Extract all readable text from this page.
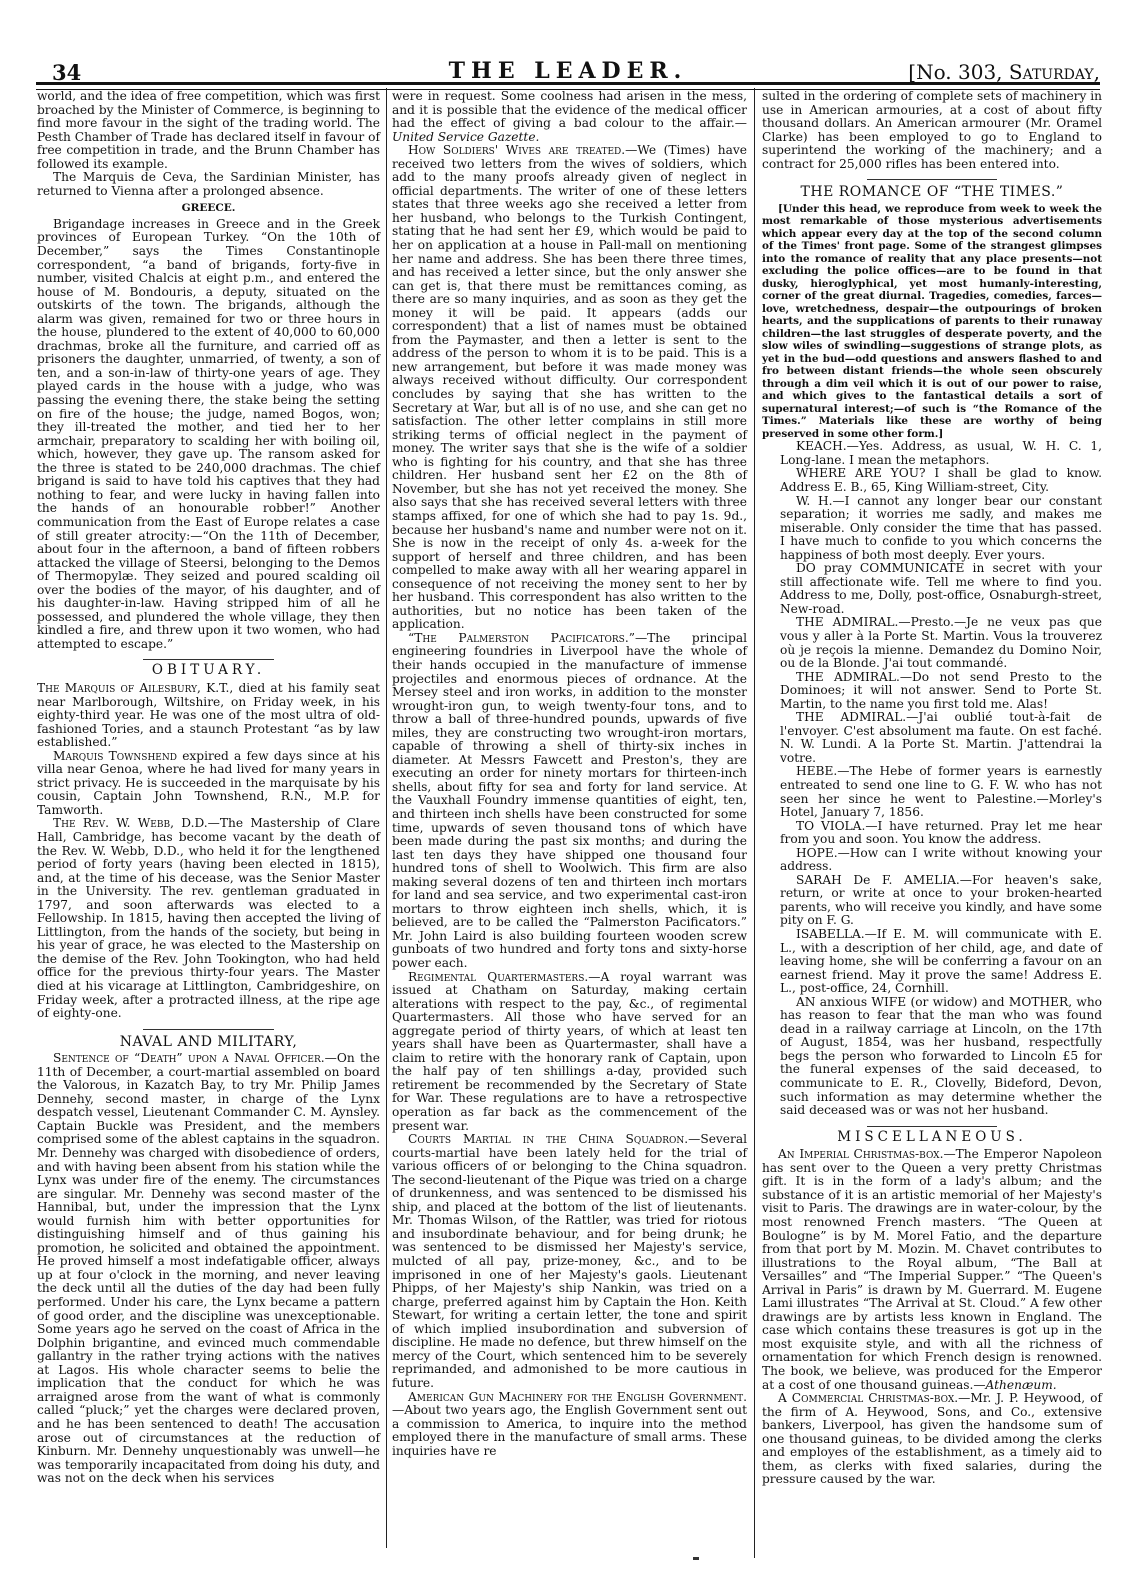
34	THE LEADER.	[No. 303, Saturday,

world, and the idea of free competition, which was first broached by the Minister of Commerce, is beginning to find more favour in the sight of the trading world. The Pesth Chamber of Trade has declared itself in favour of free competition in trade, and the Brunn Chamber has followed its example.

The Marquis de Ceva, the Sardinian Minister, has returned to Vienna after a prolonged absence.

GREECE.

Brigandage increases in Greece and in the Greek provinces of European Turkey. “On the 10th of December,” says the Times Constantinople correspondent, “a band of brigands, forty-five in number, visited Chalcis at eight p.m., and entered the house of M. Bondouris, a deputy, situated on the outskirts of the town. The brigands, although the alarm was given, remained for two or three hours in the house, plundered to the extent of 40,000 to 60,000 drachmas, broke all the furniture, and carried off as prisoners the daughter, unmarried, of twenty, a son of ten, and a son-in-law of thirty-one years of age. They played cards in the house with a judge, who was passing the evening there, the stake being the setting on fire of the house; the judge, named Bogos, won; they ill-treated the mother, and tied her to her armchair, preparatory to scalding her with boiling oil, which, however, they gave up. The ransom asked for the three is stated to be 240,000 drachmas. The chief brigand is said to have told his captives that they had nothing to fear, and were lucky in having fallen into the hands of an honourable robber!” Another communication from the East of Europe relates a case of still greater atrocity:—“On the 11th of December, about four in the afternoon, a band of fifteen robbers attacked the village of Steersi, belonging to the Demos of Thermopylæ. They seized and poured scalding oil over the bodies of the mayor, of his daughter, and of his daughter-in-law. Having stripped him of all he possessed, and plundered the whole village, they then kindled a fire, and threw upon it two women, who had attempted to escape.”

OBITUARY.

The Marquis of Ailesbury, K.T., died at his family seat near Marlborough, Wiltshire, on Friday week, in his eighty-third year. He was one of the most ultra of old-fashioned Tories, and a staunch Protestant “as by law established.”

Marquis Townshend expired a few days since at his villa near Genoa, where he had lived for many years in strict privacy. He is succeeded in the marquisate by his cousin, Captain John Townshend, R.N., M.P. for Tamworth.

The Rev. W. Webb, D.D.—The Mastership of Clare Hall, Cambridge, has become vacant by the death of the Rev. W. Webb, D.D., who held it for the lengthened period of forty years (having been elected in 1815), and, at the time of his decease, was the Senior Master in the University. The rev. gentleman graduated in 1797, and soon afterwards was elected to a Fellowship. In 1815, having then accepted the living of Littlington, from the hands of the society, but being in his year of grace, he was elected to the Mastership on the demise of the Rev. John Tookington, who had held office for the previous thirty-four years. The Master died at his vicarage at Littlington, Cambridgeshire, on Friday week, after a protracted illness, at the ripe age of eighty-one.

NAVAL AND MILITARY,

Sentence of “Death” upon a Naval Officer.—On the 11th of December, a court-martial assembled on board the Valorous, in Kazatch Bay, to try Mr. Philip James Dennehy, second master, in charge of the Lynx despatch vessel, Lieutenant Commander C. M. Aynsley. Captain Buckle was President, and the members comprised some of the ablest captains in the squadron. Mr. Dennehy was charged with disobedience of orders, and with having been absent from his station while the Lynx was under fire of the enemy. The circumstances are singular. Mr. Dennehy was second master of the Hannibal, but, under the impression that the Lynx would furnish him with better opportunities for distinguishing himself and of thus gaining his promotion, he solicited and obtained the appointment. He proved himself a most indefatigable officer, always up at four o'clock in the morning, and never leaving the deck until all the duties of the day had been fully performed. Under his care, the Lynx became a pattern of good order, and the discipline was unexceptionable. Some years ago he served on the coast of Africa in the Dolphin brigantine, and evinced much commendable gallantry in the rather trying actions with the natives at Lagos. His whole character seems to belie the implication that the conduct for which he was arraigned arose from the want of what is commonly called “pluck;” yet the charges were declared proven, and he has been sentenced to death! The accusation arose out of circumstances at the reduction of Kinburn. Mr. Dennehy unquestionably was unwell—he was temporarily incapacitated from doing his duty, and was not on the deck when his services

were in request. Some coolness had arisen in the mess, and it is possible that the evidence of the medical officer had the effect of giving a bad colour to the affair.—United Service Gazette.

How Soldiers' Wives are treated.—We (Times) have received two letters from the wives of soldiers, which add to the many proofs already given of neglect in official departments. The writer of one of these letters states that three weeks ago she received a letter from her husband, who belongs to the Turkish Contingent, stating that he had sent her £9, which would be paid to her on application at a house in Pall-mall on mentioning her name and address. She has been there three times, and has received a letter since, but the only answer she can get is, that there must be remittances coming, as there are so many inquiries, and as soon as they get the money it will be paid. It appears (adds our correspondent) that a list of names must be obtained from the Paymaster, and then a letter is sent to the address of the person to whom it is to be paid. This is a new arrangement, but before it was made money was always received without difficulty. Our correspondent concludes by saying that she has written to the Secretary at War, but all is of no use, and she can get no satisfaction. The other letter complains in still more striking terms of official neglect in the payment of money. The writer says that she is the wife of a soldier who is fighting for his country, and that she has three children. Her husband sent her £2 on the 8th of November, but she has not yet received the money. She also says that she has received several letters with three stamps affixed, for one of which she had to pay 1s. 9d., because her husband's name and number were not on it. She is now in the receipt of only 4s. a-week for the support of herself and three children, and has been compelled to make away with all her wearing apparel in consequence of not receiving the money sent to her by her husband. This correspondent has also written to the authorities, but no notice has been taken of the application.

“The Palmerston Pacificators.”—The principal engineering foundries in Liverpool have the whole of their hands occupied in the manufacture of immense projectiles and enormous pieces of ordnance. At the Mersey steel and iron works, in addition to the monster wrought-iron gun, to weigh twenty-four tons, and to throw a ball of three-hundred pounds, upwards of five miles, they are constructing two wrought-iron mortars, capable of throwing a shell of thirty-six inches in diameter. At Messrs Fawcett and Preston's, they are executing an order for ninety mortars for thirteen-inch shells, about fifty for sea and forty for land service. At the Vauxhall Foundry immense quantities of eight, ten, and thirteen inch shells have been constructed for some time, upwards of seven thousand tons of which have been made during the past six months; and during the last ten days they have shipped one thousand four hundred tons of shell to Woolwich. This firm are also making several dozens of ten and thirteen inch mortars for land and sea service, and two experimental cast-iron mortars to throw eighteen inch shells, which, it is believed, are to be called the “Palmerston Pacificators.” Mr. John Laird is also building fourteen wooden screw gunboats of two hundred and forty tons and sixty-horse power each.

Regimental Quartermasters.—A royal warrant was issued at Chatham on Saturday, making certain alterations with respect to the pay, &c., of regimental Quartermasters. All those who have served for an aggregate period of thirty years, of which at least ten years shall have been as Quartermaster, shall have a claim to retire with the honorary rank of Captain, upon the half pay of ten shillings a-day, provided such retirement be recommended by the Secretary of State for War. These regulations are to have a retrospective operation as far back as the commencement of the present war.

Courts Martial in the China Squadron.—Several courts-martial have been lately held for the trial of various officers of or belonging to the China squadron. The second-lieutenant of the Pique was tried on a charge of drunkenness, and was sentenced to be dismissed his ship, and placed at the bottom of the list of lieutenants. Mr. Thomas Wilson, of the Rattler, was tried for riotous and insubordinate behaviour, and for being drunk; he was sentenced to be dismissed her Majesty's service, mulcted of all pay, prize-money, &c., and to be imprisoned in one of her Majesty's gaols. Lieutenant Phipps, of her Majesty's ship Nankin, was tried on a charge, preferred against him by Captain the Hon. Keith Stewart, for writing a certain letter, the tone and spirit of which implied insubordination and subversion of discipline. He made no defence, but threw himself on the mercy of the Court, which sentenced him to be severely reprimanded, and admonished to be more cautious in future.

American Gun Machinery for the English Government.—About two years ago, the English Government sent out a commission to America, to inquire into the method employed there in the manufacture of small arms. These inquiries have re

sulted in the ordering of complete sets of machinery in use in American armouries, at a cost of about fifty thousand dollars. An American armourer (Mr. Oramel Clarke) has been employed to go to England to superintend the working of the machinery; and a contract for 25,000 rifles has been entered into.

THE ROMANCE OF “THE TIMES.”

[Under this head, we reproduce from week to week the most remarkable of those mysterious advertisements which appear every day at the top of the second column of the Times' front page. Some of the strangest glimpses into the romance of reality that any place presents—not excluding the police offices—are to be found in that dusky, hieroglyphical, yet most humanly-interesting, corner of the great diurnal. Tragedies, comedies, farces—love, wretchedness, despair—the outpourings of broken hearts, and the supplications of parents to their runaway children—the last struggles of desperate poverty, and the slow wiles of swindling—suggestions of strange plots, as yet in the bud—odd questions and answers flashed to and fro between distant friends—the whole seen obscurely through a dim veil which it is out of our power to raise, and which gives to the fantastical details a sort of supernatural interest;—of such is “the Romance of the Times.” Materials like these are worthy of being preserved in some other form.]

KEACH.—Yes. Address, as usual, W. H. C. 1, Long-lane. I mean the metaphors.

WHERE ARE YOU? I shall be glad to know. Address E. B., 65, King William-street, City.

W. H.—I cannot any longer bear our constant separation; it worries me sadly, and makes me miserable. Only consider the time that has passed. I have much to confide to you which concerns the happiness of both most deeply. Ever yours.

DO pray COMMUNICATE in secret with your still affectionate wife. Tell me where to find you. Address to me, Dolly, post-office, Osnaburgh-street, New-road.

THE ADMIRAL.—Presto.—Je ne veux pas que vous y aller à la Porte St. Martin. Vous la trouverez où je reçois la mienne. Demandez du Domino Noir, ou de la Blonde. J'ai tout commandé.

THE ADMIRAL.—Do not send Presto to the Dominoes; it will not answer. Send to Porte St. Martin, to the name you first told me. Alas!

THE ADMIRAL.—J'ai oublié tout-à-fait de l'envoyer. C'est absolument ma faute. On est faché. N. W. Lundi. A la Porte St. Martin. J'attendrai la votre.

HEBE.—The Hebe of former years is earnestly entreated to send one line to G. F. W. who has not seen her since he went to Palestine.—Morley's Hotel, January 7, 1856.

TO VIOLA.—I have returned. Pray let me hear from you and soon. You know the address.

HOPE.—How can I write without knowing your address.

SARAH De F. AMELIA.—For heaven's sake, return, or write at once to your broken-hearted parents, who will receive you kindly, and have some pity on F. G.

ISABELLA.—If E. M. will communicate with E. L., with a description of her child, age, and date of leaving home, she will be conferring a favour on an earnest friend. May it prove the same! Address E. L., post-office, 24, Cornhill.

AN anxious WIFE (or widow) and MOTHER, who has reason to fear that the man who was found dead in a railway carriage at Lincoln, on the 17th of August, 1854, was her husband, respectfully begs the person who forwarded to Lincoln £5 for the funeral expenses of the said deceased, to communicate to E. R., Clovelly, Bideford, Devon, such information as may determine whether the said deceased was or was not her husband.

MISCELLANEOUS.

An Imperial Christmas-box.—The Emperor Napoleon has sent over to the Queen a very pretty Christmas gift. It is in the form of a lady's album; and the substance of it is an artistic memorial of her Majesty's visit to Paris. The drawings are in water-colour, by the most renowned French masters. “The Queen at Boulogne” is by M. Morel Fatio, and the departure from that port by M. Mozin. M. Chavet contributes to illustrations to the Royal album, “The Ball at Versailles” and “The Imperial Supper.” “The Queen's Arrival in Paris” is drawn by M. Guerrard. M. Eugene Lami illustrates “The Arrival at St. Cloud.” A few other drawings are by artists less known in England. The case which contains these treasures is got up in the most exquisite style, and with all the richness of ornamentation for which French design is renowned. The book, we believe, was produced for the Emperor at a cost of one thousand guineas.—Athenæum.

A Commercial Christmas-box.—Mr. J. P. Heywood, of the firm of A. Heywood, Sons, and Co., extensive bankers, Liverpool, has given the handsome sum of one thousand guineas, to be divided among the clerks and employes of the establishment, as a timely aid to them, as clerks with fixed salaries, during the pressure caused by the war.
